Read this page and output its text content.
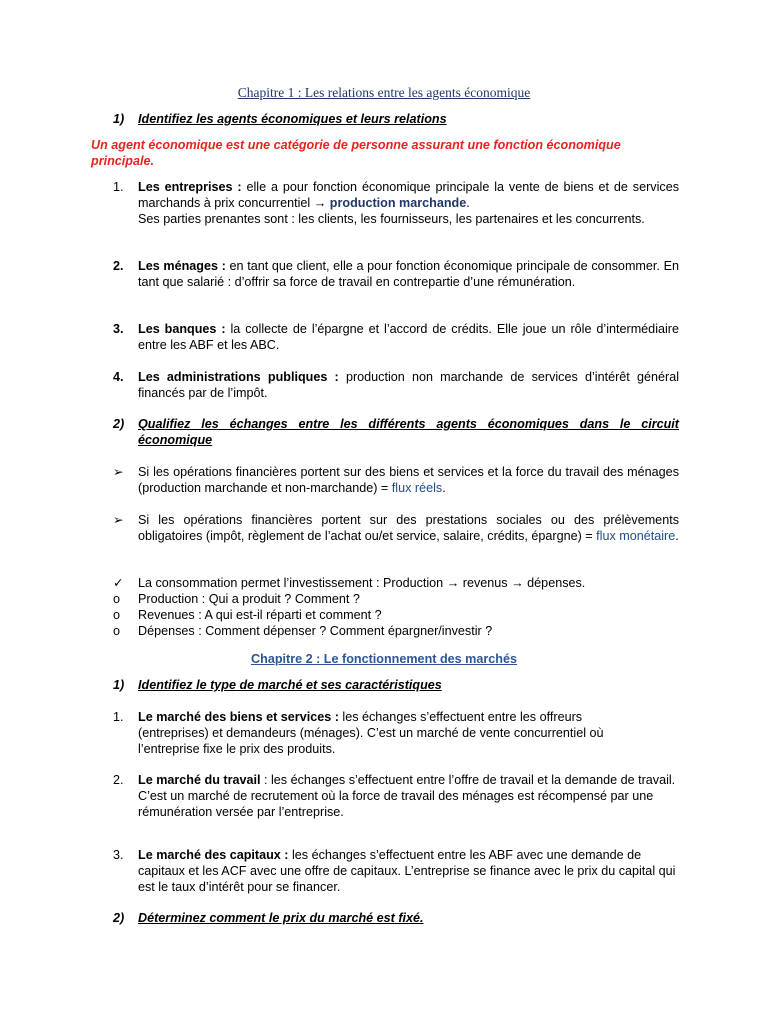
Chapitre 1 : Les relations entre les agents économique
1) Identifiez les agents économiques et leurs relations
Un agent économique est une catégorie de personne assurant une fonction économique principale.
1. Les entreprises : elle a pour fonction économique principale la vente de biens et de services marchands à prix concurrentiel → production marchande.
Ses parties prenantes sont : les clients, les fournisseurs, les partenaires et les concurrents.
2. Les ménages : en tant que client, elle a pour fonction économique principale de consommer. En tant que salarié : d’offrir sa force de travail en contrepartie d’une rémunération.
3. Les banques : la collecte de l’épargne et l’accord de crédits. Elle joue un rôle d’intermédiaire entre les ABF et les ABC.
4. Les administrations publiques : production non marchande de services d’intérêt général financés par de l’impôt.
2) Qualifiez les échanges entre les différents agents économiques dans le circuit économique
➢ Si les opérations financières portent sur des biens et services et la force du travail des ménages (production marchande et non-marchande) = flux réels.
➢ Si les opérations financières portent sur des prestations sociales ou des prélèvements obligatoires (impôt, règlement de l’achat ou/et service, salaire, crédits, épargne) = flux monétaire.
✓ La consommation permet l’investissement : Production → revenus → dépenses.
o Production : Qui a produit ? Comment ?
o Revenues : A qui est-il réparti et comment ?
o Dépenses : Comment dépenser ? Comment épargner/investir ?
Chapitre 2 : Le fonctionnement des marchés
1) Identifiez le type de marché et ses caractéristiques
1. Le marché des biens et services : les échanges s’effectuent entre les offreurs (entreprises) et demandeurs (ménages). C’est un marché de vente concurrentiel où l’entreprise fixe le prix des produits.
2. Le marché du travail : les échanges s’effectuent entre l’offre de travail et la demande de travail. C’est un marché de recrutement où la force de travail des ménages est récompensé par une rémunération versée par l’entreprise.
3. Le marché des capitaux : les échanges s’effectuent entre les ABF avec une demande de capitaux et les ACF avec une offre de capitaux. L’entreprise se finance avec le prix du capital qui est le taux d’intérêt pour se financer.
2) Déterminez comment le prix du marché est fixé.
